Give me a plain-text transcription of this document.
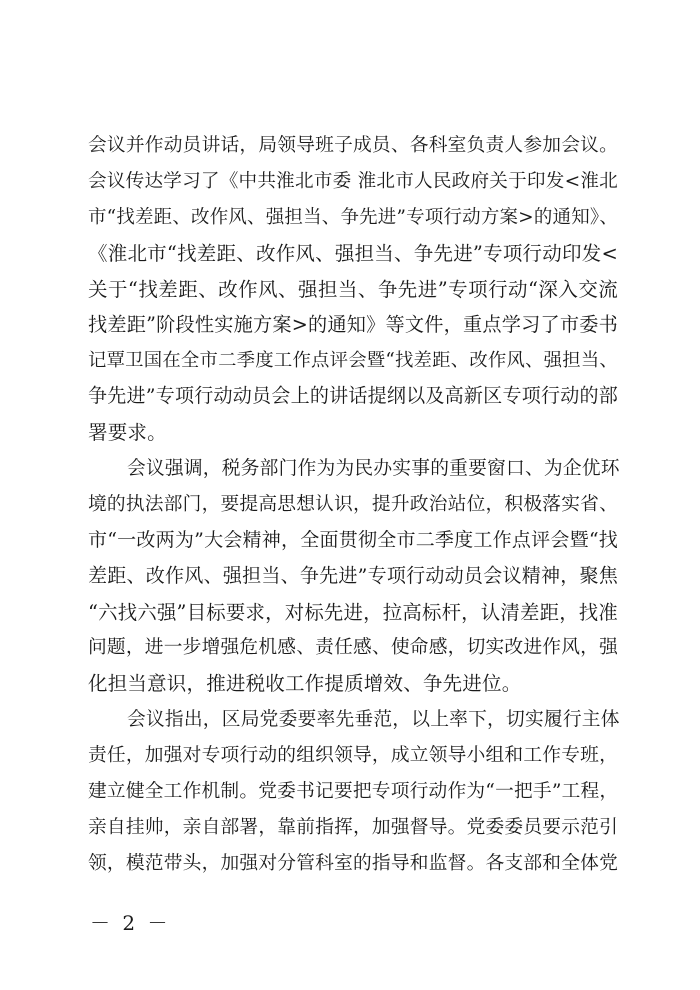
会议并作动员讲话，局领导班子成员、各科室负责人参加会议。
会议传达学习了《中共淮北市委 淮北市人民政府关于印发<淮北
市“找差距、改作风、强担当、争先进”专项行动方案>的通知》、
《淮北市“找差距、改作风、强担当、争先进”专项行动印发<
关于“找差距、改作风、强担当、争先进”专项行动“深入交流
找差距”阶段性实施方案>的通知》等文件，重点学习了市委书
记覃卫国在全市二季度工作点评会暨“找差距、改作风、强担当、
争先进”专项行动动员会上的讲话提纲以及高新区专项行动的部
署要求。
会议强调，税务部门作为为民办实事的重要窗口、为企优环
境的执法部门，要提高思想认识，提升政治站位，积极落实省、
市“一改两为”大会精神，全面贯彻全市二季度工作点评会暨“找
差距、改作风、强担当、争先进”专项行动动员会议精神，聚焦
“六找六强”目标要求，对标先进，拉高标杆，认清差距，找准
问题，进一步增强危机感、责任感、使命感，切实改进作风，强
化担当意识，推进税收工作提质增效、争先进位。
会议指出，区局党委要率先垂范，以上率下，切实履行主体
责任，加强对专项行动的组织领导，成立领导小组和工作专班，
建立健全工作机制。党委书记要把专项行动作为“一把手”工程，
亲自挂帅，亲自部署，靠前指挥，加强督导。党委委员要示范引
领，模范带头，加强对分管科室的指导和监督。各支部和全体党
－ 2 －
